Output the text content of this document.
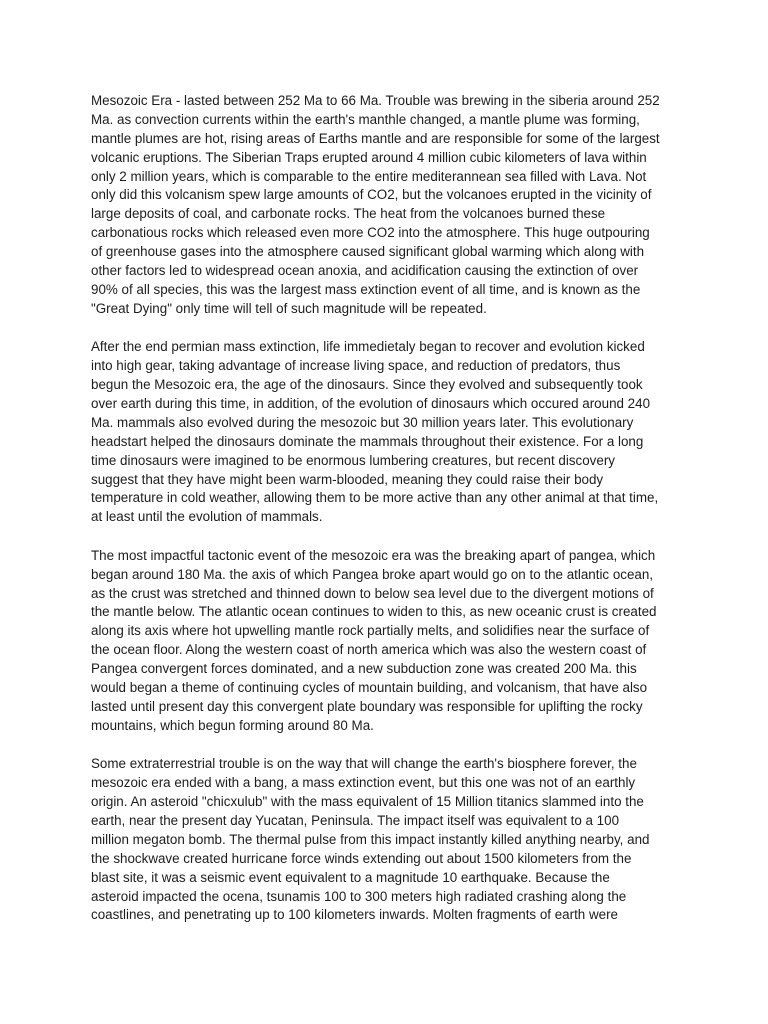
Mesozoic Era - lasted between 252 Ma to 66 Ma. Trouble was brewing in the siberia around 252
Ma. as convection currents within the earth's manthle changed, a mantle plume was forming,
mantle plumes are hot, rising areas of Earths mantle and are responsible for some of the largest
volcanic eruptions. The Siberian Traps erupted around 4 million cubic kilometers of lava within
only 2 million years, which is comparable to the entire mediterannean sea filled with Lava. Not
only did this volcanism spew large amounts of CO2, but the volcanoes erupted in the vicinity of
large deposits of coal, and carbonate rocks. The heat from the volcanoes burned these
carbonatious rocks which released even more CO2 into the atmosphere. This huge outpouring
of greenhouse gases into the atmosphere caused significant global warming which along with
other factors led to widespread ocean anoxia, and acidification causing the extinction of over
90% of all species, this was the largest mass extinction event of all time, and is known as the
"Great Dying" only time will tell of such magnitude will be repeated.

After the end permian mass extinction, life immedietaly began to recover and evolution kicked
into high gear, taking advantage of increase living space, and reduction of predators, thus
begun the Mesozoic era, the age of the dinosaurs. Since they evolved and subsequently took
over earth during this time, in addition, of the evolution of dinosaurs which occured around 240
Ma. mammals also evolved during the mesozoic but 30 million years later. This evolutionary
headstart helped the dinosaurs dominate the mammals throughout their existence. For a long
time dinosaurs were imagined to be enormous lumbering creatures, but recent discovery
suggest that they have might been warm-blooded, meaning they could raise their body
temperature in cold weather, allowing them to be more active than any other animal at that time,
at least until the evolution of mammals.

The most impactful tactonic event of the mesozoic era was the breaking apart of pangea, which
began around 180 Ma. the axis of which Pangea broke apart would go on to the atlantic ocean,
as the crust was stretched and thinned down to below sea level due to the divergent motions of
the mantle below. The atlantic ocean continues to widen to this, as new oceanic crust is created
along its axis where hot upwelling mantle rock partially melts, and solidifies near the surface of
the ocean floor. Along the western coast of north america which was also the western coast of
Pangea convergent forces dominated, and a new subduction zone was created 200 Ma. this
would began a theme of continuing cycles of mountain building, and volcanism, that have also
lasted until present day this convergent plate boundary was responsible for uplifting the rocky
mountains, which begun forming around 80 Ma.

Some extraterrestrial trouble is on the way that will change the earth's biosphere forever, the
mesozoic era ended with a bang, a mass extinction event, but this one was not of an earthly
origin. An asteroid "chicxulub" with the mass equivalent of 15 Million titanics slammed into the
earth, near the present day Yucatan, Peninsula. The impact itself was equivalent to a 100
million megaton bomb. The thermal pulse from this impact instantly killed anything nearby, and
the shockwave created hurricane force winds extending out about 1500 kilometers from the
blast site, it was a seismic event equivalent to a magnitude 10 earthquake. Because the
asteroid impacted the ocena, tsunamis 100 to 300 meters high radiated crashing along the
coastlines, and penetrating up to 100 kilometers inwards. Molten fragments of earth were
